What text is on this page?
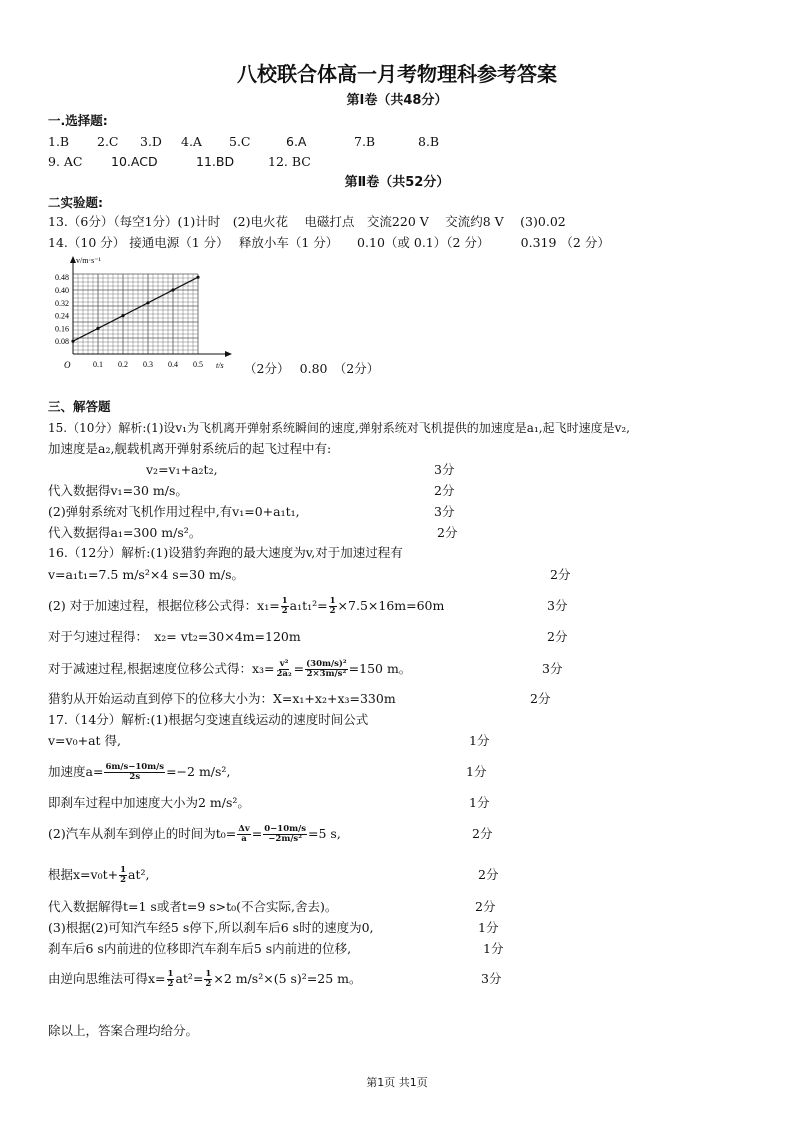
八校联合体高一月考物理科参考答案
第Ⅰ卷（共48分）
一.选择题:
1.B 2.C 3.D 4.A 5.C	6.A	7.B	8.B
9. AC 10.ACD	11.BD	12. BC
第Ⅱ卷（共52分）
二实验题:
13.（6分）（每空1分）(1)计时　(2)电火花　 电磁打点　交流220 V　 交流约8 V　 (3)0.02
14.（10 分） 接通电源（1 分）　 释放小车（1 分）　　0.10（或 0.1）（2 分）　　　0.319 （2 分）
v/m·s⁻¹
t/s
O	0.1 0.2 0.3 0.4 0.5
0.08
0.16
0.24
0.32
0.40
0.48
（2分）　 0.80　（2分）
三、解答题
15.（10分）解析:(1)设v₁为飞机离开弹射系统瞬间的速度,弹射系统对飞机提供的加速度是a₁,起飞时速度是v₂,
加速度是a₂,舰载机离开弹射系统后的起飞过程中有:
v₂=v₁+a₂t₂,	3分
代入数据得v₁=30 m/s。	2分
(2)弹射系统对飞机作用过程中,有v₁=0+a₁t₁,	3分
代入数据得a₁=300 m/s²。	2分
16.（12分）解析:(1)设猎豹奔跑的最大速度为v,对于加速过程有
v=a₁t₁=7.5 m/s²×4 s=30 m/s。	2分
(2) 对于加速过程，根据位移公式得：$x_1= \frac{1}{2} a_1t_1^2= \frac{1}{2} \times 7.5\times 16m=60m$	3分
对于匀速过程得：　x₂= vt₂=30×4m=120m	2分
对于减速过程,根据速度位移公式得：$x_3= \frac{\text{v²}}{\text{2a₂}} = \frac{\text{(30m/s)²}}{\text{2×3m/s²}} =150$ m。	3分
猎豹从开始运动直到停下的位移大小为：X=x₁+x₂+x₃=330m	2分
17.（14分）解析:(1)根据匀变速直线运动的速度时间公式
v=v₀+at 得,	1分
加速度$a= \frac{6m/s-10m/s}{2s} =-2$ m/s²,	1分
即刹车过程中加速度大小为2 m/s²。	1分
(2)汽车从刹车到停止的时间为$t_0= \frac{\Delta v}{a} = \frac{0-10m/s}{\text{−2m/s²}} =5$ s,	2分
根据$x=v_0t+ \frac{1}{2} at^2$,	2分
代入数据解得t=1 s或者t=9 s>t₀(不合实际,舍去)。	2分
(3)根据(2)可知汽车经5 s停下,所以刹车后6 s时的速度为0,	1分
刹车后6 s内前进的位移即汽车刹车后5 s内前进的位移,	1分
由逆向思维法可得$x= \frac{1}{2} at^2= \frac{1}{2} \times 2$ m/s²×(5 s)²=25 m。	3分
除以上，答案合理均给分。
第1页 共1页
